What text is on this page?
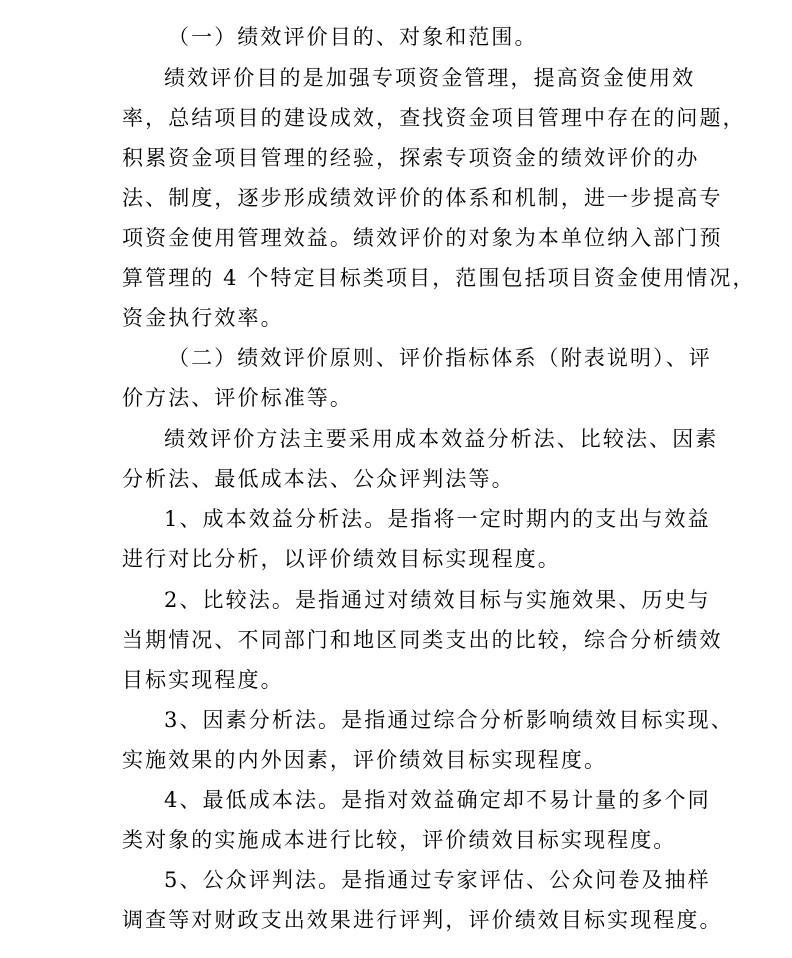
（一）绩效评价目的、对象和范围。
绩效评价目的是加强专项资金管理，提高资金使用效
率，总结项目的建设成效，查找资金项目管理中存在的问题，
积累资金项目管理的经验，探索专项资金的绩效评价的办
法、制度，逐步形成绩效评价的体系和机制，进一步提高专
项资金使用管理效益。绩效评价的对象为本单位纳入部门预
算管理的 4 个特定目标类项目，范围包括项目资金使用情况，
资金执行效率。
（二）绩效评价原则、评价指标体系（附表说明）、评
价方法、评价标准等。
绩效评价方法主要采用成本效益分析法、比较法、因素
分析法、最低成本法、公众评判法等。
1、成本效益分析法。是指将一定时期内的支出与效益
进行对比分析，以评价绩效目标实现程度。
2、比较法。是指通过对绩效目标与实施效果、历史与
当期情况、不同部门和地区同类支出的比较，综合分析绩效
目标实现程度。
3、因素分析法。是指通过综合分析影响绩效目标实现、
实施效果的内外因素，评价绩效目标实现程度。
4、最低成本法。是指对效益确定却不易计量的多个同
类对象的实施成本进行比较，评价绩效目标实现程度。
5、公众评判法。是指通过专家评估、公众问卷及抽样
调查等对财政支出效果进行评判，评价绩效目标实现程度。
